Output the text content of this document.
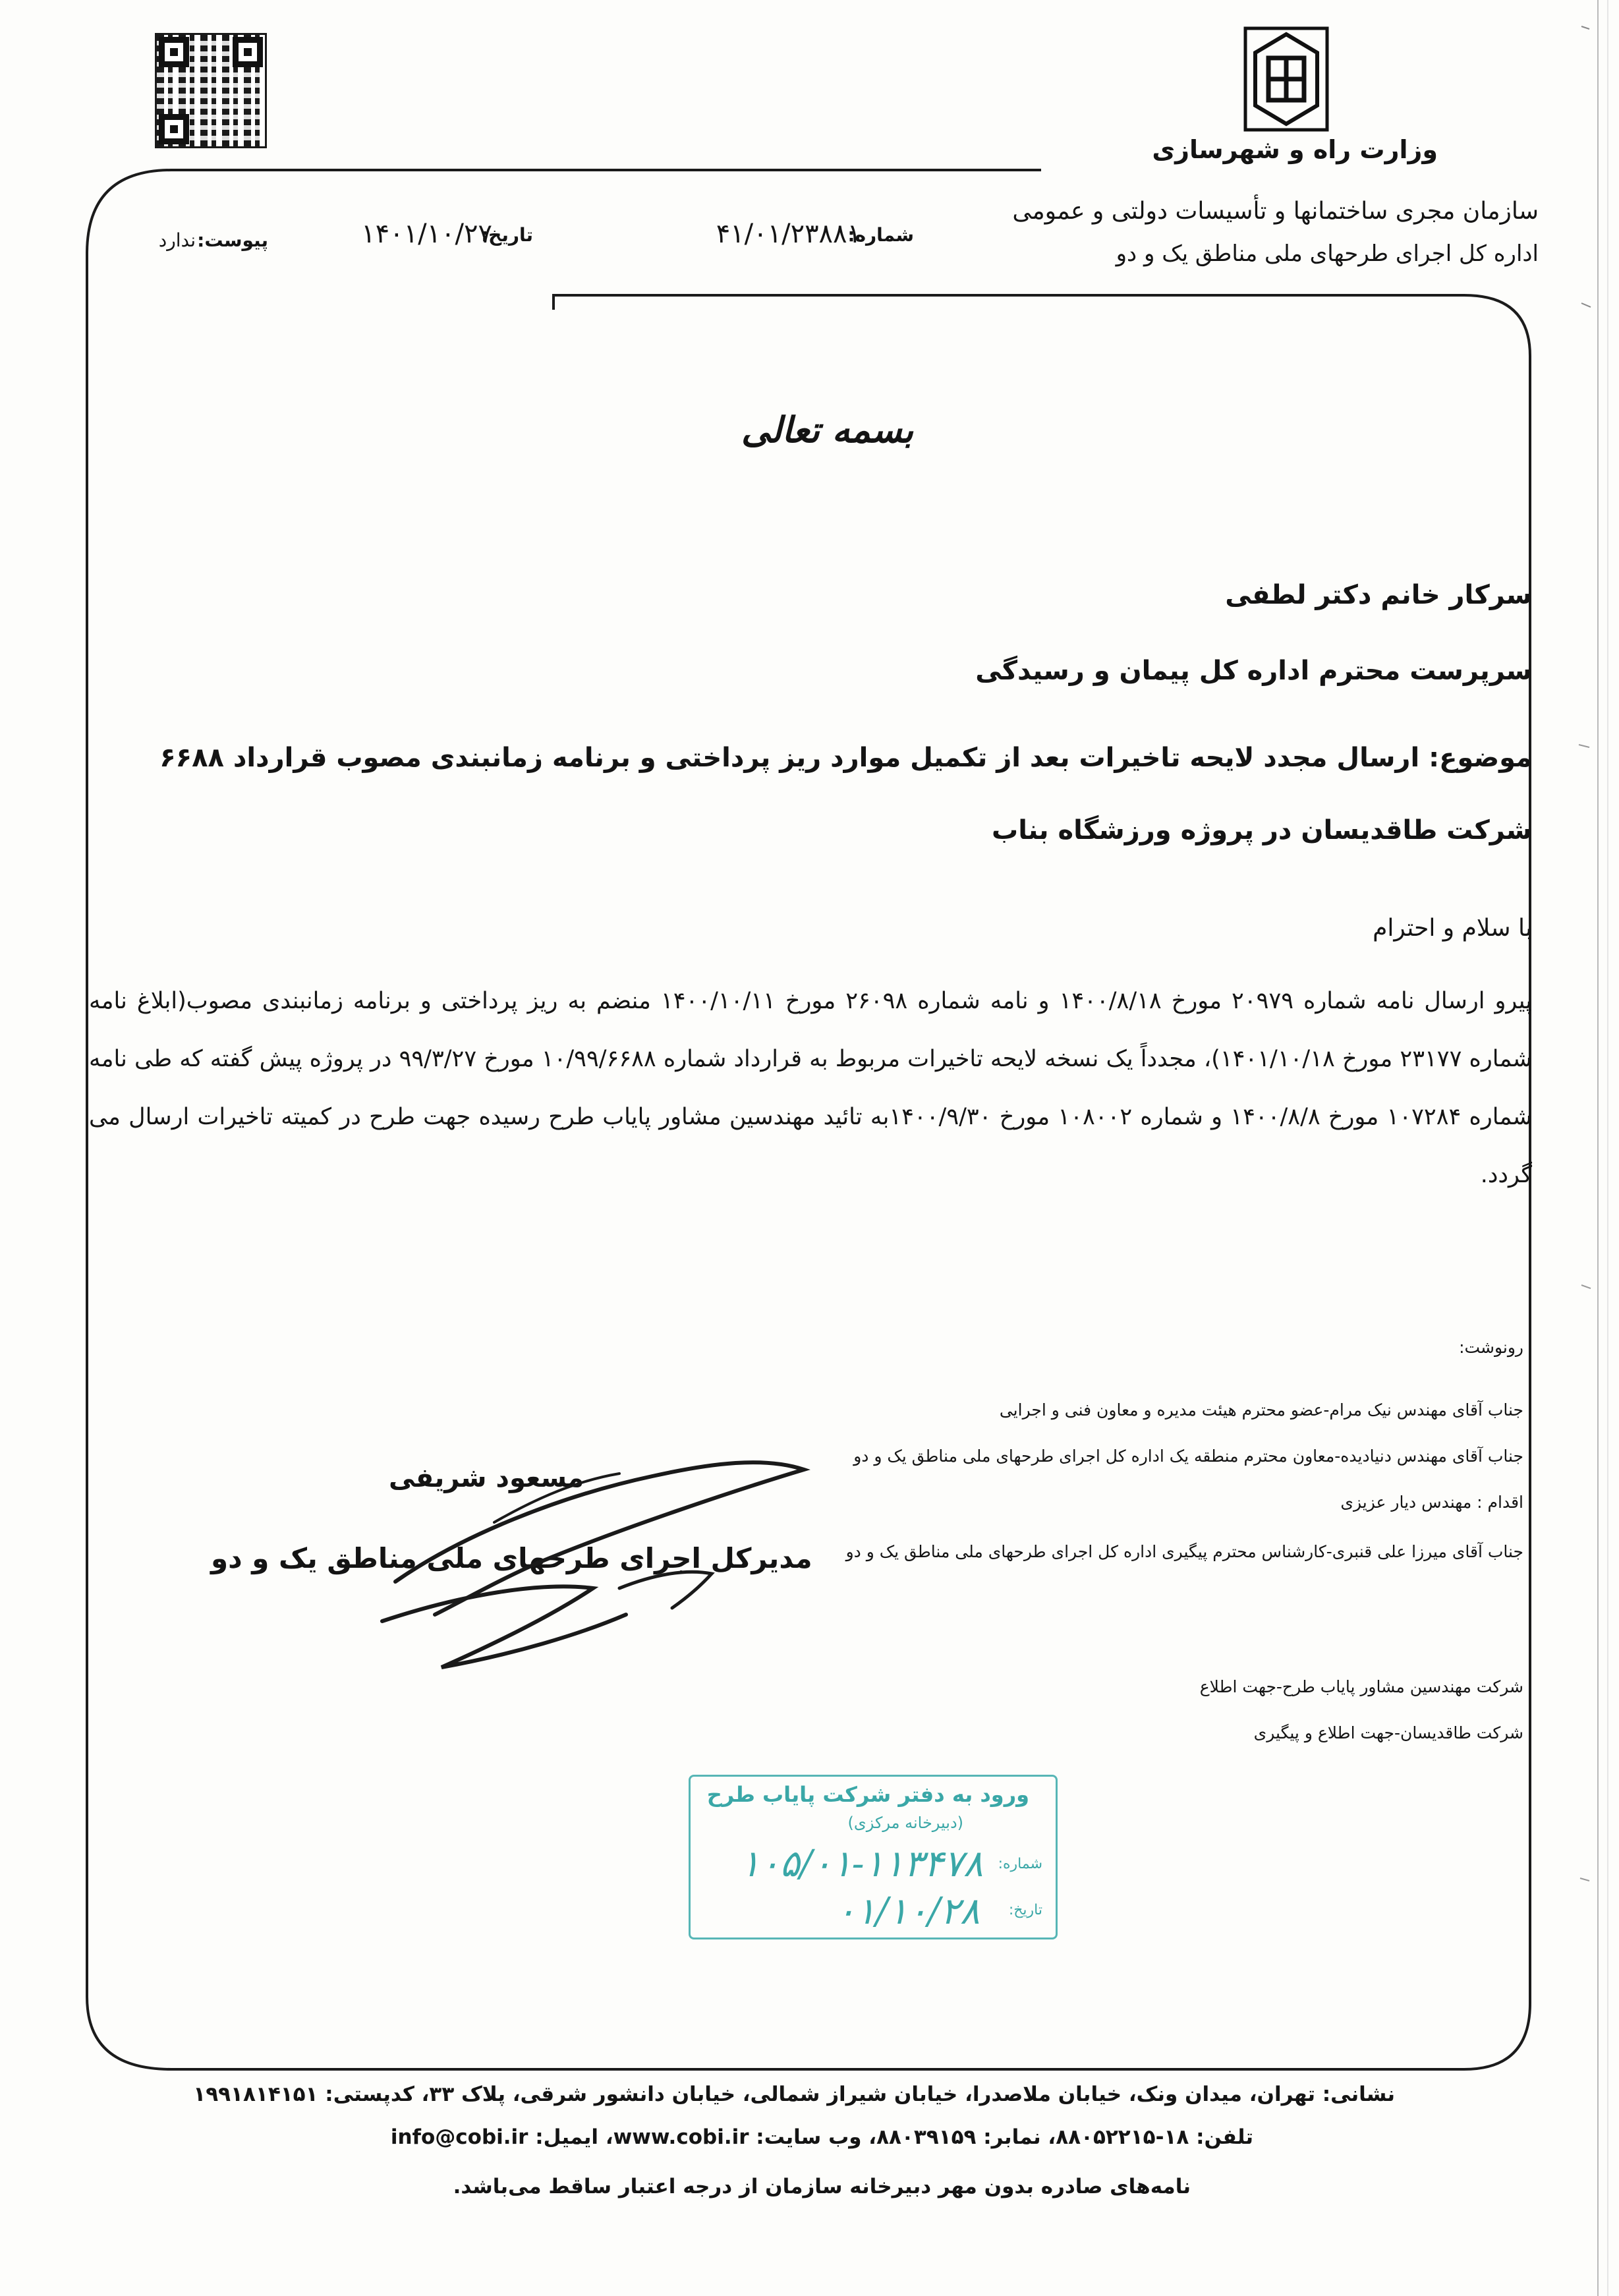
وزارت راه و شهرسازی
سازمان مجری ساختمانها و تأسیسات دولتی و عمومی
اداره کل اجرای طرحهای ملی مناطق یک و دو
شماره:
۴۱/۰۱/۲۳۸۸۱
تاریخ:
۱۴۰۱/۱۰/۲۷
پیوست:
ندارد
بسمه تعالی
سرکار خانم دکتر لطفی
سرپرست محترم اداره کل پیمان و رسیدگی
موضوع: ارسال مجدد لایحه تاخیرات بعد از تکمیل موارد ریز پرداختی و برنامه زمانبندی مصوب قرارداد ۶۶۸۸ شرکت طاقدیسان در پروژه ورزشگاه بناب
با سلام و احترام
پیرو ارسال نامه شماره ۲۰۹۷۹ مورخ ۱۴۰۰/۸/۱۸ و نامه شماره ۲۶۰۹۸ مورخ ۱۴۰۰/۱۰/۱۱ منضم به ریز پرداختی و برنامه زمانبندی مصوب(ابلاغ نامه شماره ۲۳۱۷۷ مورخ ۱۴۰۱/۱۰/۱۸)، مجدداً یک نسخه لایحه تاخیرات مربوط به قرارداد شماره ۱۰/۹۹/۶۶۸۸ مورخ ۹۹/۳/۲۷ در پروژه پیش گفته که طی نامه شماره ۱۰۷۲۸۴ مورخ ۱۴۰۰/۸/۸ و شماره ۱۰۸۰۰۲ مورخ ۱۴۰۰/۹/۳۰به تائید مهندسین مشاور پایاب طرح رسیده جهت طرح در کمیته تاخیرات ارسال می گردد.
رونوشت:
جناب آقای مهندس نیک مرام-عضو محترم هیئت مدیره و معاون فنی و اجرایی
جناب آقای مهندس دنیادیده-معاون محترم منطقه یک اداره کل اجرای طرحهای ملی مناطق یک و دو
اقدام : مهندس دیار عزیزی
جناب آقای میرزا علی قنبری-کارشناس محترم پیگیری اداره کل اجرای طرحهای ملی مناطق یک و دو
شرکت مهندسین مشاور پایاب طرح-جهت اطلاع
شرکت طاقدیسان-جهت اطلاع و پیگیری
مسعود شریفی
مدیرکل اجرای طرحهای ملی مناطق یک و دو
ورود به دفتر شرکت پایاب طرح
(دبیرخانه مرکزی)
شماره:
۱۰۵/۰۱-۱۱۳۴۷۸
تاریخ:
۰۱/۱۰/۲۸
نشانی: تهران، میدان ونک، خیابان ملاصدرا، خیابان شیراز شمالی، خیابان دانشور شرقی، پلاک ۳۳، کدپستی: ۱۹۹۱۸۱۴۱۵۱
تلفن: ۱۸-۸۸۰۵۲۲۱۵، نمابر: ۸۸۰۳۹۱۵۹، وب سایت: www.cobi.ir، ایمیل: info@cobi.ir
نامه‌های صادره بدون مهر دبیرخانه سازمان از درجه اعتبار ساقط می‌باشد.
